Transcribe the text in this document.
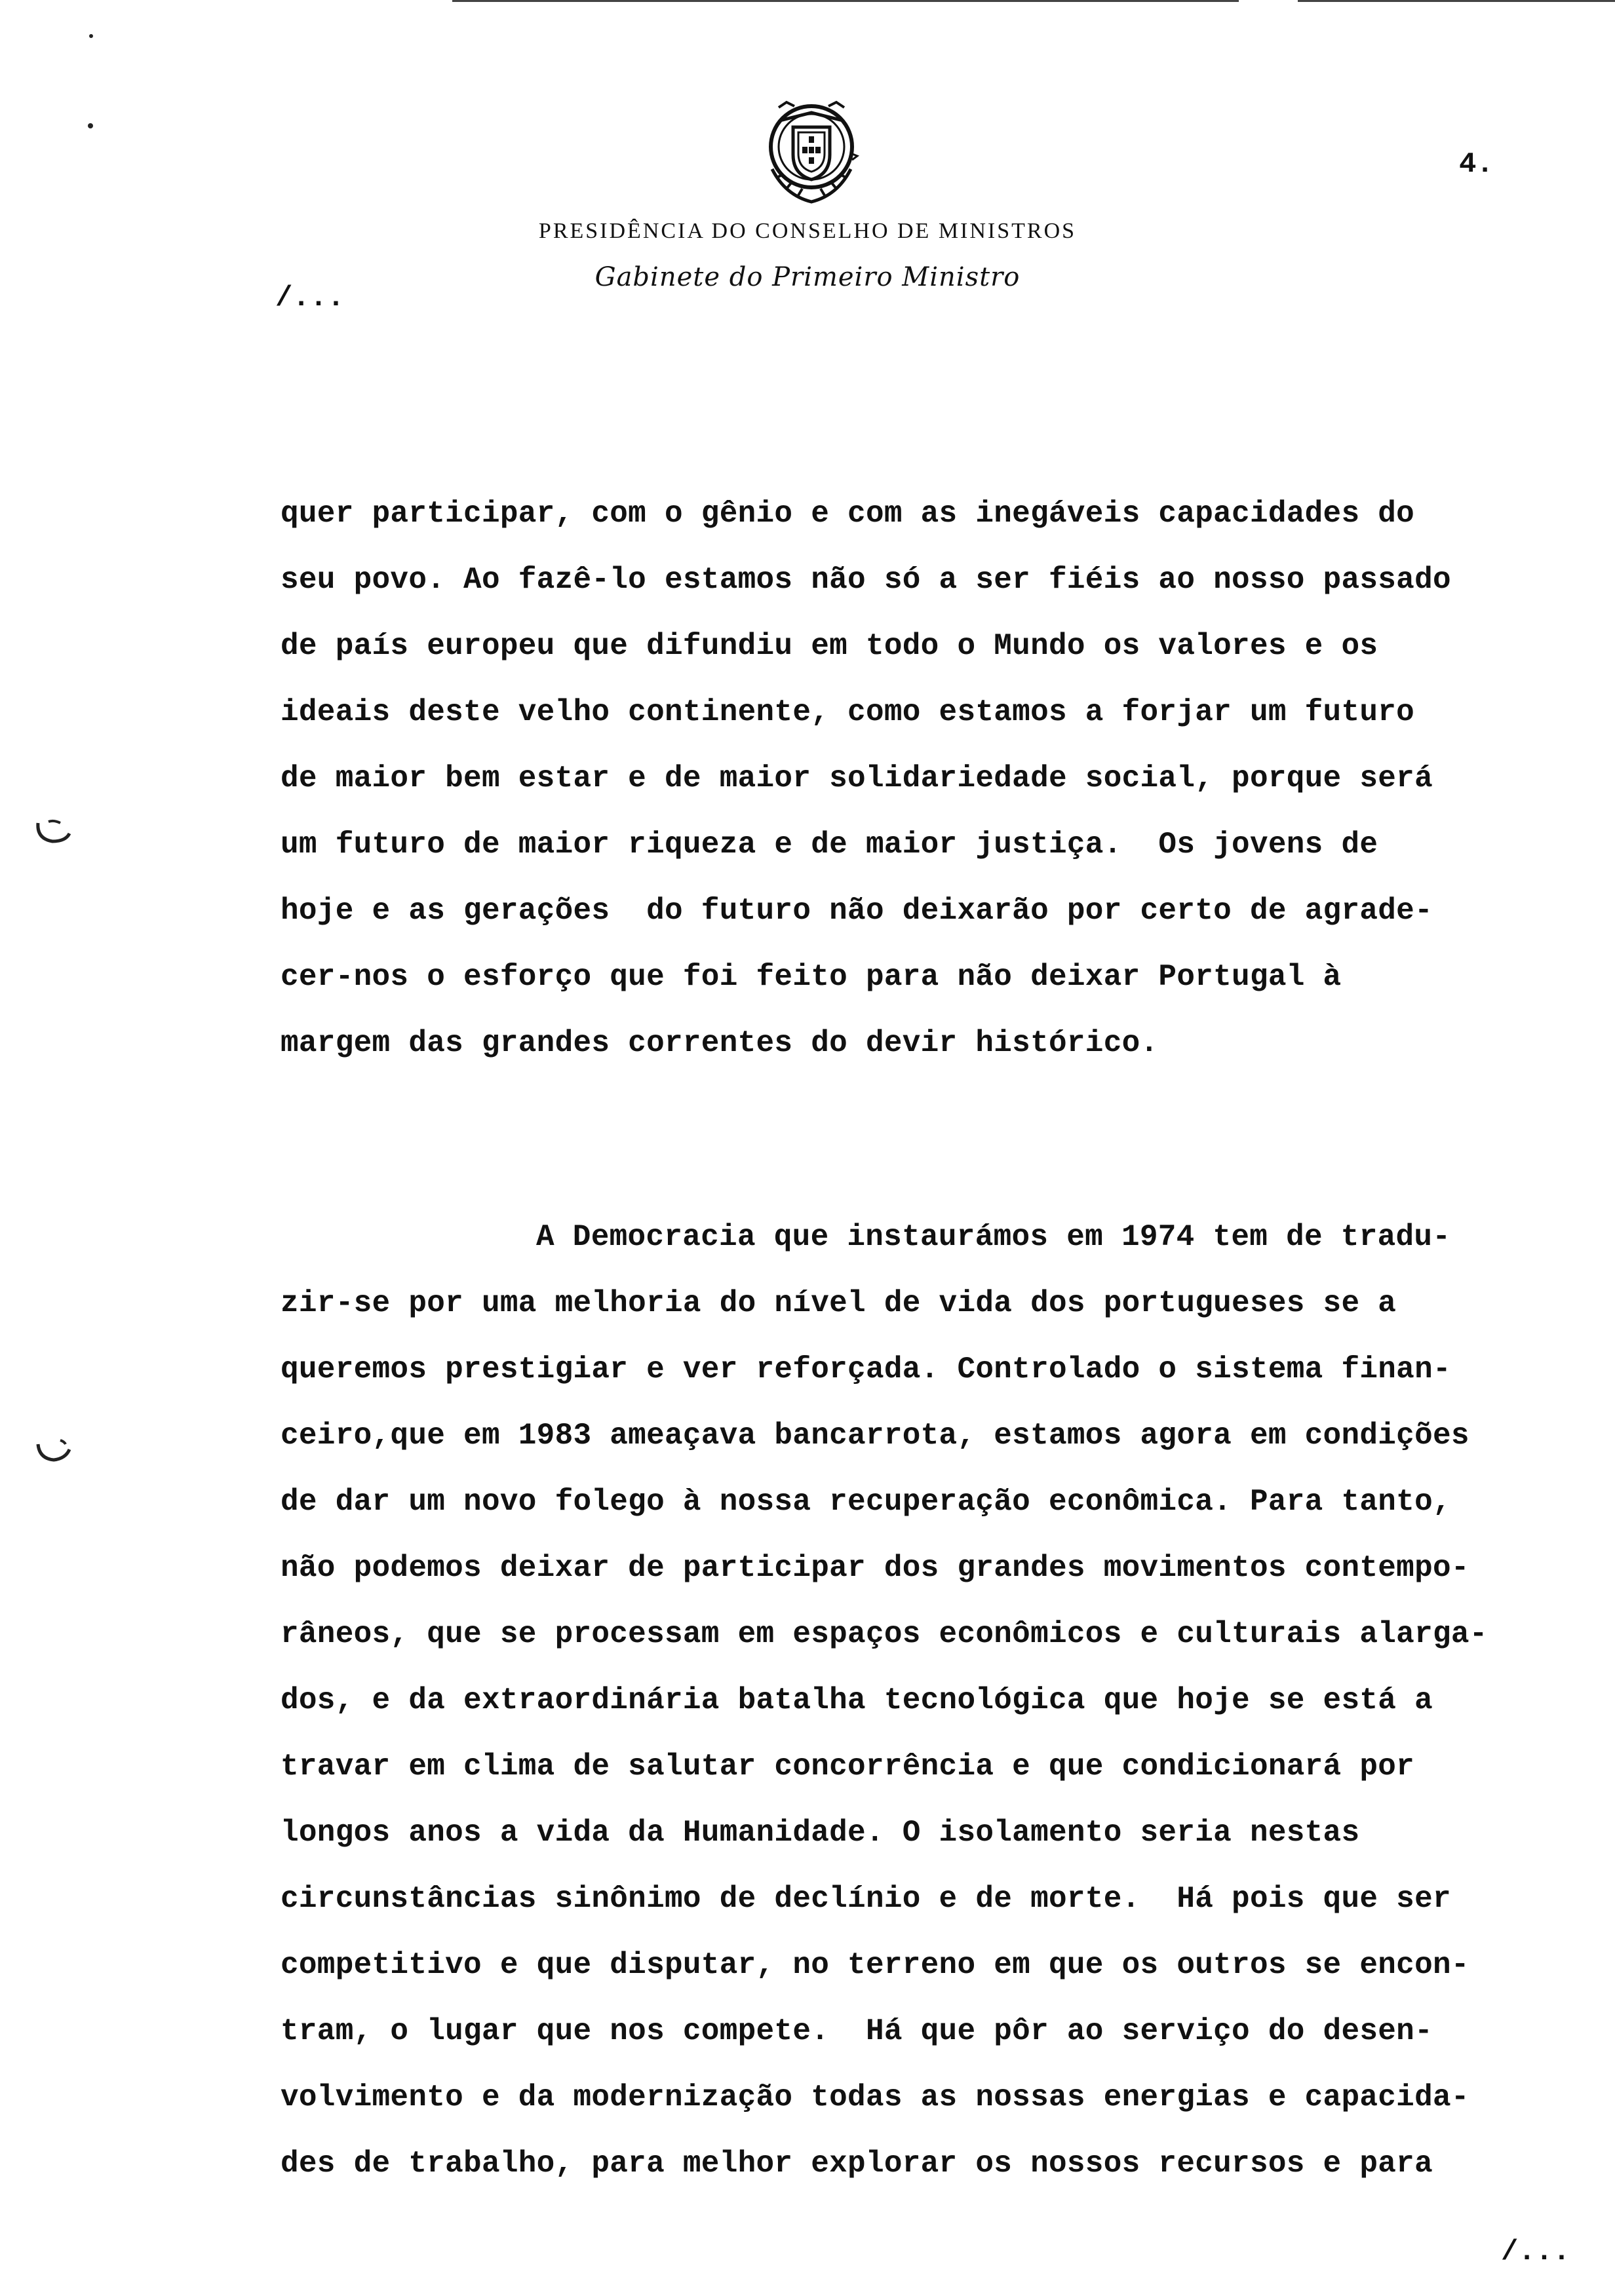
4.
PRESIDÊNCIA DO CONSELHO DE MINISTROS
Gabinete do Primeiro Ministro
/...
quer participar, com o gênio e com as inegáveis capacidades do
seu povo. Ao fazê-lo estamos não só a ser fiéis ao nosso passado
de país europeu que difundiu em todo o Mundo os valores e os
ideais deste velho continente, como estamos a forjar um futuro
de maior bem estar e de maior solidariedade social, porque será
um futuro de maior riqueza e de maior justiça.  Os jovens de
hoje e as gerações  do futuro não deixarão por certo de agrade-
cer-nos o esforço que foi feito para não deixar Portugal à
margem das grandes correntes do devir histórico.
A Democracia que instaurámos em 1974 tem de tradu-
zir-se por uma melhoria do nível de vida dos portugueses se a
queremos prestigiar e ver reforçada. Controlado o sistema finan-
ceiro,que em 1983 ameaçava bancarrota, estamos agora em condições
de dar um novo folego à nossa recuperação econômica. Para tanto,
não podemos deixar de participar dos grandes movimentos contempo-
râneos, que se processam em espaços econômicos e culturais alarga-
dos, e da extraordinária batalha tecnológica que hoje se está a
travar em clima de salutar concorrência e que condicionará por
longos anos a vida da Humanidade. O isolamento seria nestas
circunstâncias sinônimo de declínio e de morte.  Há pois que ser
competitivo e que disputar, no terreno em que os outros se encon-
tram, o lugar que nos compete.  Há que pôr ao serviço do desen-
volvimento e da modernização todas as nossas energias e capacida-
des de trabalho, para melhor explorar os nossos recursos e para
/...
